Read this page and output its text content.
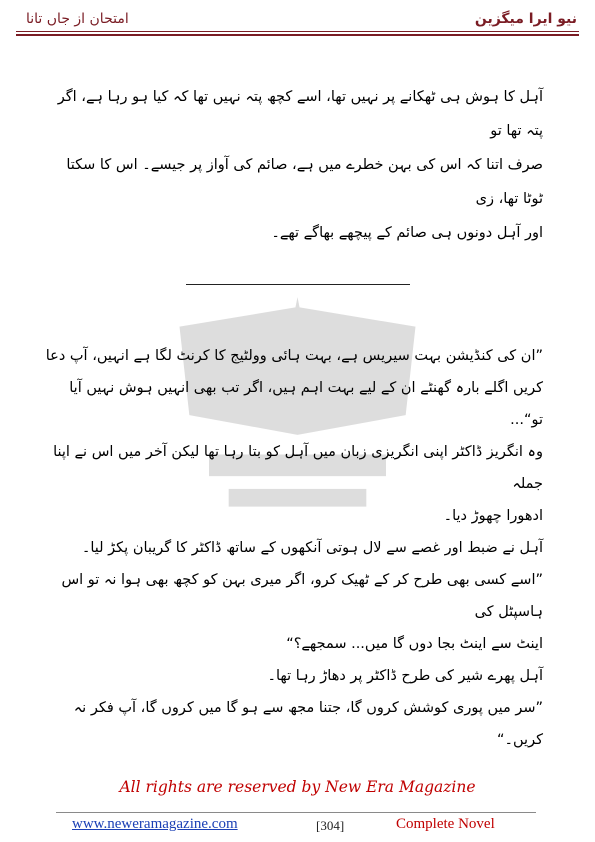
نیو ایرا میگزین
امتحان از جاں تانا
آہل کا ہوش ہی ٹھکانے پر نہیں تھا، اسے کچھ پتہ نہیں تھا کہ کیا ہو رہا ہے، اگر پتہ تھا تو
صرف اتنا کہ اس کی بہن خطرے میں ہے، صائم کی آواز پر جیسے۔ اس کا سکتا ٹوٹا تھا، زی
اور آہل دونوں ہی صائم کے پیچھے بھاگے تھے۔
”ان کی کنڈیشن بہت سیریس ہے، بہت ہائی وولٹیج کا کرنٹ لگا ہے انہیں، آپ دعا
کریں اگلے بارہ گھنٹے ان کے لیے بہت اہم ہیں، اگر تب بھی انہیں ہوش نہیں آیا تو“...
وہ انگریز ڈاکٹر اپنی انگریزی زبان میں آہل کو بتا رہا تھا لیکن آخر میں اس نے اپنا جملہ
ادھورا چھوڑ دیا۔
آہل نے ضبط اور غصے سے لال ہوتی آنکھوں کے ساتھ ڈاکٹر کا گریبان پکڑ لیا۔
”اسے کسی بھی طرح کر کے ٹھیک کرو، اگر میری بہن کو کچھ بھی ہوا نہ تو اس ہاسپٹل کی
اینٹ سے اینٹ بجا دوں گا میں... سمجھے؟“
آہل پھرے شیر کی طرح ڈاکٹر پر دھاڑ رہا تھا۔
”سر میں پوری کوشش کروں گا، جتنا مجھ سے ہو گا میں کروں گا، آپ فکر نہ کریں۔“
All rights are reserved by New Era Magazine
www.neweramagazine.com	[304]	Complete Novel
